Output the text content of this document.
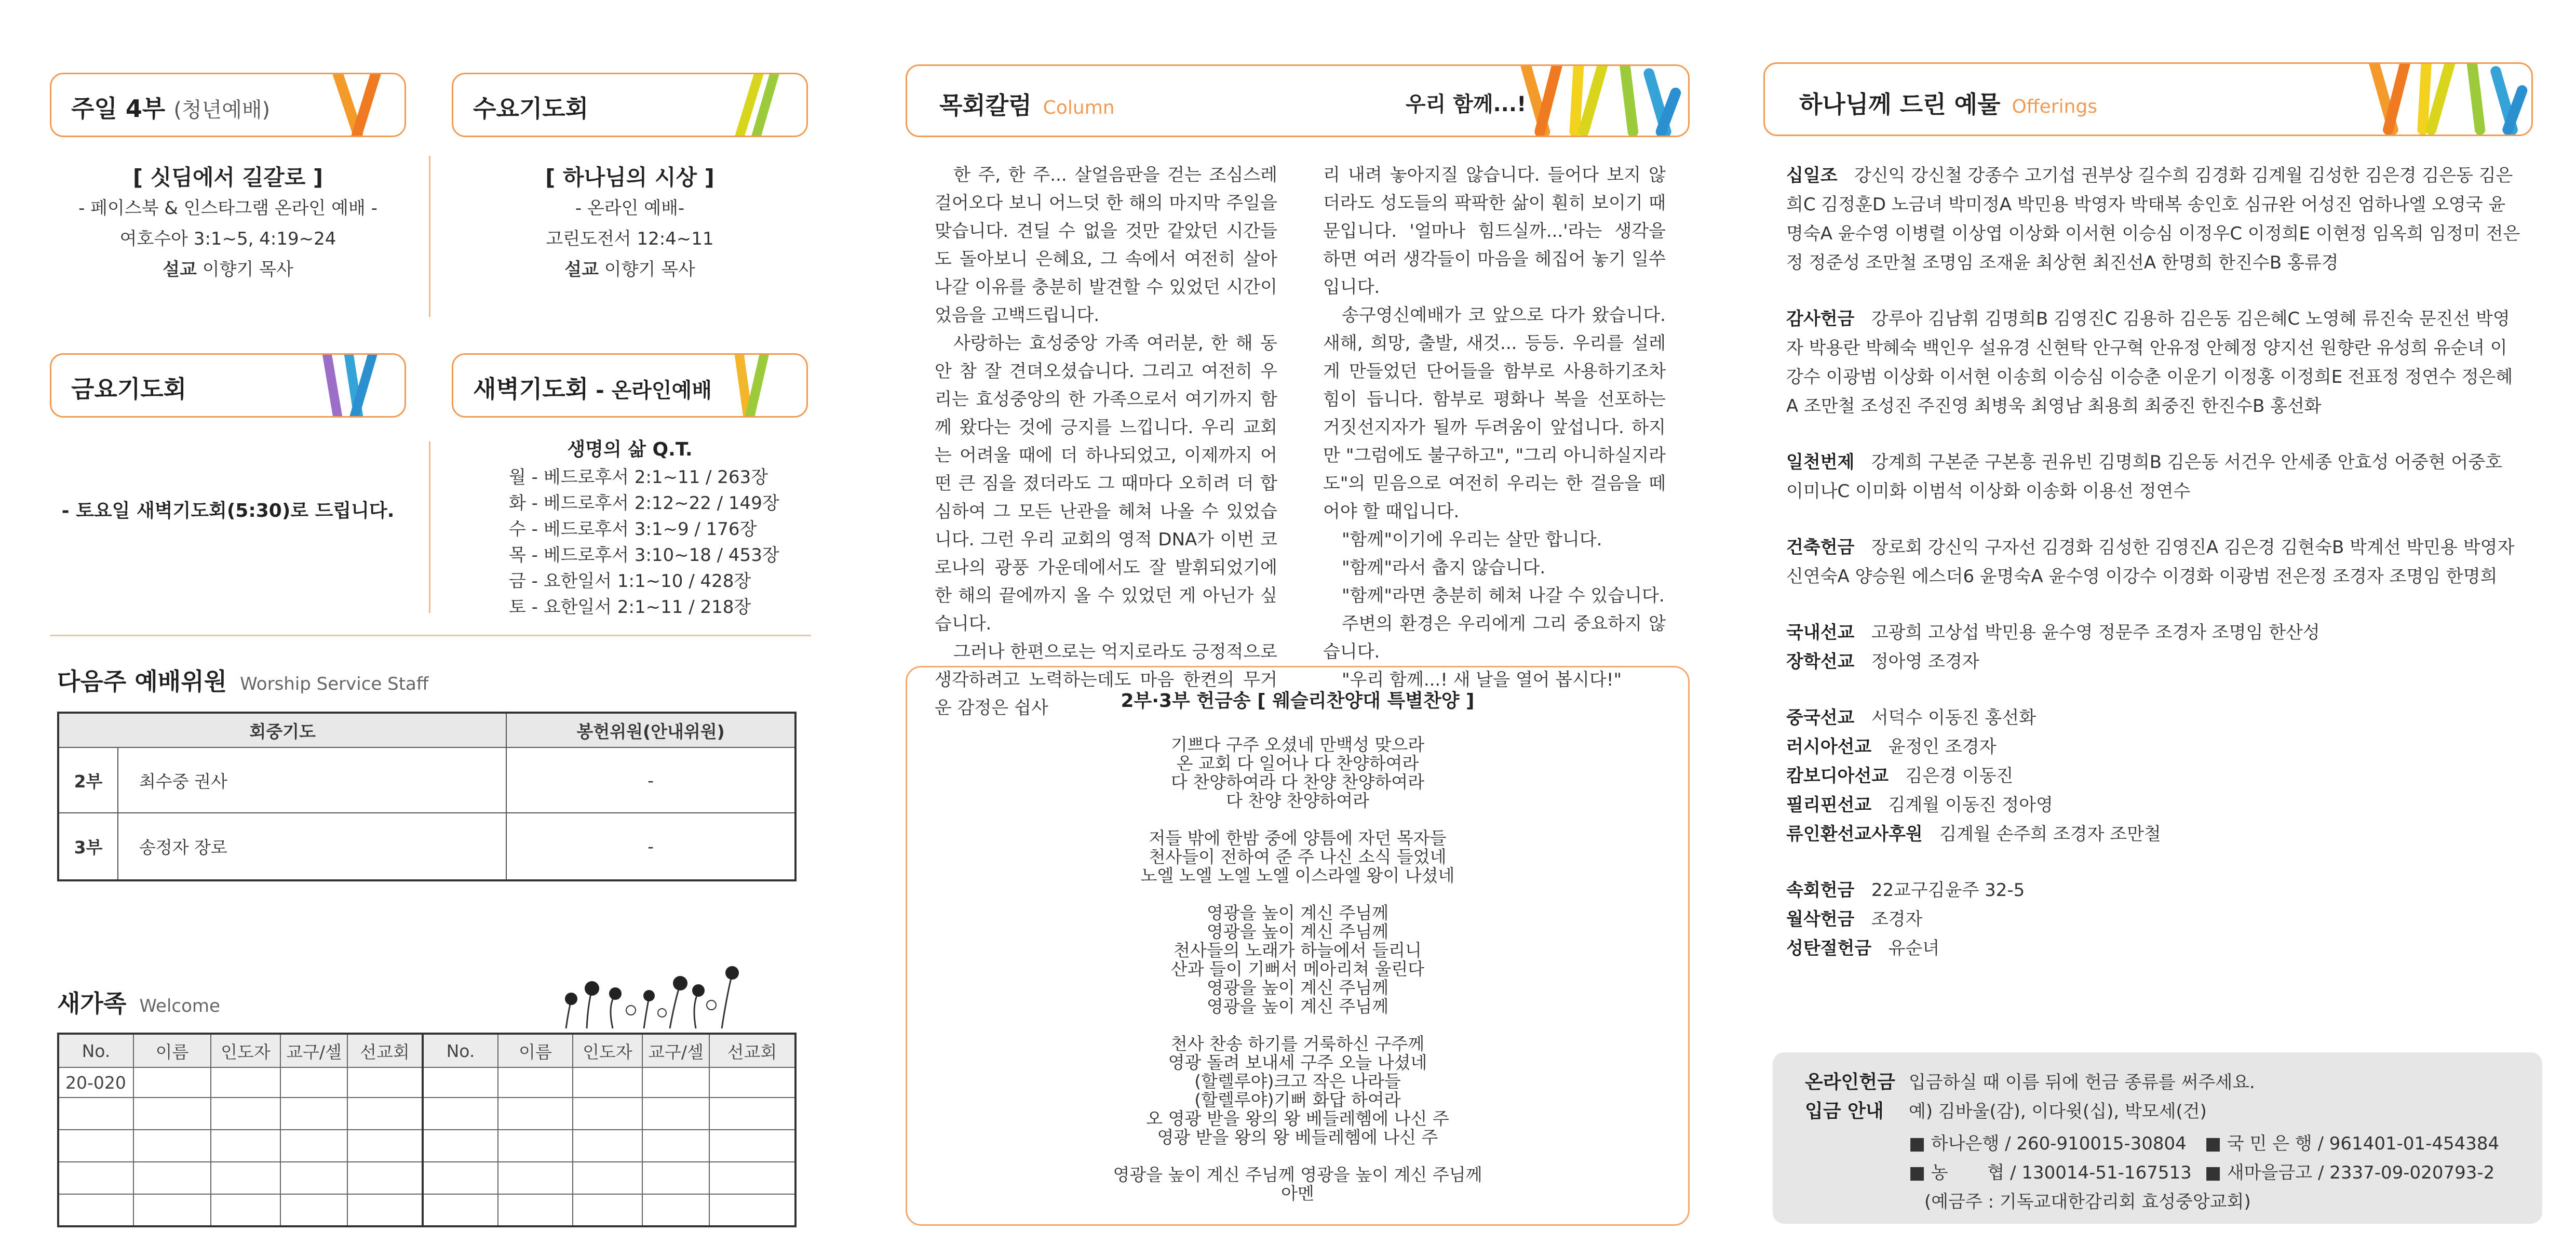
주일 4부 (청년예배)
[ 싯딤에서 길갈로 ]
- 페이스북 & 인스타그램 온라인 예배 -
여호수아 3:1~5, 4:19~24
설교 이향기 목사
수요기도회
[ 하나님의 시상 ]
- 온라인 예배-
고린도전서 12:4~11
설교 이향기 목사
금요기도회
- 토요일 새벽기도회(5:30)로 드립니다.
새벽기도회 - 온라인예배
생명의 삶 Q.T.
월 - 베드로후서 2:1~11 / 263장
화 - 베드로후서 2:12~22 / 149장
수 - 베드로후서 3:1~9 / 176장
목 - 베드로후서 3:10~18 / 453장
금 - 요한일서 1:1~10 / 428장
토 - 요한일서 2:1~11 / 218장
다음주 예배위원 Worship Service Staff
회중기도		봉헌위원(안내위원)
2부	최수중 권사	-
3부	송정자 장로	-
새가족 Welcome
No.	이름	인도자	교구/셀	선교회	No.	이름	인도자	교구/셀	선교회
20-020									

목회칼럼 Column	우리 함께...!

한 주, 한 주... 살얼음판을 걷는 조심스레 걸어오다 보니 어느덧 한 해의 마지막 주일을 맞습니다. 견딜 수 없을 것만 같았던 시간들도 돌아보니 은혜요, 그 속에서 여전히 살아나갈 이유를 충분히 발견할 수 있었던 시간이었음을 고백드립니다.

사랑하는 효성중앙 가족 여러분, 한 해 동안 참 잘 견뎌오셨습니다. 그리고 여전히 우리는 효성중앙의 한 가족으로서 여기까지 함께 왔다는 것에 긍지를 느낍니다. 우리 교회는 어려울 때에 더 하나되었고, 이제까지 어떤 큰 짐을 졌더라도 그 때마다 오히려 더 합심하여 그 모든 난관을 헤쳐 나올 수 있었습니다. 그런 우리 교회의 영적 DNA가 이번 코로나의 광풍 가운데에서도 잘 발휘되었기에 한 해의 끝에까지 올 수 있었던 게 아닌가 싶습니다.

그러나 한편으로는 억지로라도 긍정적으로 생각하려고 노력하는데도 마음 한켠의 무거운 감정은 쉽사

리 내려 놓아지질 않습니다. 들어다 보지 않더라도 성도들의 팍팍한 삶이 훤히 보이기 때문입니다. '얼마나 힘드실까...'라는 생각을 하면 여러 생각들이 마음을 헤집어 놓기 일쑤입니다.

송구영신예배가 코 앞으로 다가 왔습니다. 새해, 희망, 출발, 새것... 등등. 우리를 설레게 만들었던 단어들을 함부로 사용하기조차 힘이 듭니다. 함부로 평화나 복을 선포하는 거짓선지자가 될까 두려움이 앞섭니다. 하지만 "그럼에도 불구하고", "그리 아니하실지라도"의 믿음으로 여전히 우리는 한 걸음을 떼어야 할 때입니다.

"함께"이기에 우리는 살만 합니다.

"함께"라서 춥지 않습니다.

"함께"라면 충분히 헤쳐 나갈 수 있습니다.

주변의 환경은 우리에게 그리 중요하지 않습니다.

"우리 함께...! 새 날을 열어 봅시다!"

2부·3부 헌금송 [ 웨슬리찬양대 특별찬양 ]
기쁘다 구주 오셨네 만백성 맞으라
온 교회 다 일어나 다 찬양하여라
다 찬양하여라 다 찬양 찬양하여라
다 찬양 찬양하여라
저들 밖에 한밤 중에 양틈에 자던 목자들
천사들이 전하여 준 주 나신 소식 들었네
노엘 노엘 노엘 노엘 이스라엘 왕이 나셨네
영광을 높이 계신 주님께
영광을 높이 계신 주님께
천사들의 노래가 하늘에서 들리니
산과 들이 기뻐서 메아리쳐 울린다
영광을 높이 계신 주님께
영광을 높이 계신 주님께
천사 찬송 하기를 거룩하신 구주께
영광 돌려 보내세 구주 오늘 나셨네
(할렐루야)크고 작은 나라들
(할렐루야)기뻐 화답 하여라
오 영광 받을 왕의 왕 베들레헴에 나신 주
영광 받을 왕의 왕 베들레헴에 나신 주
영광을 높이 계신 주님께 영광을 높이 계신 주님께
아멘
하나님께 드린 예물 Offerings

십일조 강신익 강신철 강종수 고기섭 권부상 길수희 김경화 김계월 김성한 김은경 김은동 김은희C 김정훈D 노금녀 박미정A 박민용 박영자 박태복 송인호 심규완 어성진 엄하나엘 오영국 윤명숙A 윤수영 이병렬 이상엽 이상화 이서현 이승심 이정우C 이정희E 이현정 임옥희 임정미 전은정 정준성 조만철 조명임 조재윤 최상현 최진선A 한명희 한진수B 홍류경

감사헌금 강루아 김남휘 김명희B 김영진C 김용하 김은동 김은혜C 노영혜 류진숙 문진선 박영자 박용란 박혜숙 백인우 설유경 신현탁 안구혁 안유정 안혜정 양지선 원향란 유성희 유순녀 이강수 이광범 이상화 이서현 이송희 이승심 이승춘 이운기 이정홍 이정희E 전표정 정연수 정은혜A 조만철 조성진 주진영 최병욱 최영남 최용희 최중진 한진수B 홍선화

일천번제 강계희 구본준 구본흥 권유빈 김명희B 김은동 서건우 안세종 안효성 어중현 어중호 이미나C 이미화 이범석 이상화 이송화 이용선 정연수

건축헌금 장로회 강신익 구자선 김경화 김성한 김영진A 김은경 김현숙B 박계선 박민용 박영자 신연숙A 양승원 에스더6 윤명숙A 윤수영 이강수 이경화 이광범 전은정 조경자 조명임 한명희

국내선교 고광희 고상섭 박민용 윤수영 정문주 조경자 조명임 한산성

장학선교 정아영 조경자

중국선교 서덕수 이동진 홍선화

러시아선교 윤정인 조경자

캄보디아선교 김은경 이동진

필리핀선교 김계월 이동진 정아영

류인환선교사후원 김계월 손주희 조경자 조만철

속회헌금 22교구김윤주 32-5

월삭헌금 조경자

성탄절헌금 유순녀

온라인헌금
입금 안내
입금하실 때 이름 뒤에 헌금 종류를 써주세요.
예) 김바울(감), 이다윗(십), 박모세(건)
■ 하나은행 / 260-910015-30804	■ 국 민 은 행 / 961401-01-454384
■ 농       협 / 130014-51-167513 ■ 새마을금고 / 2337-09-020793-2
(예금주 : 기독교대한감리회 효성중앙교회)
